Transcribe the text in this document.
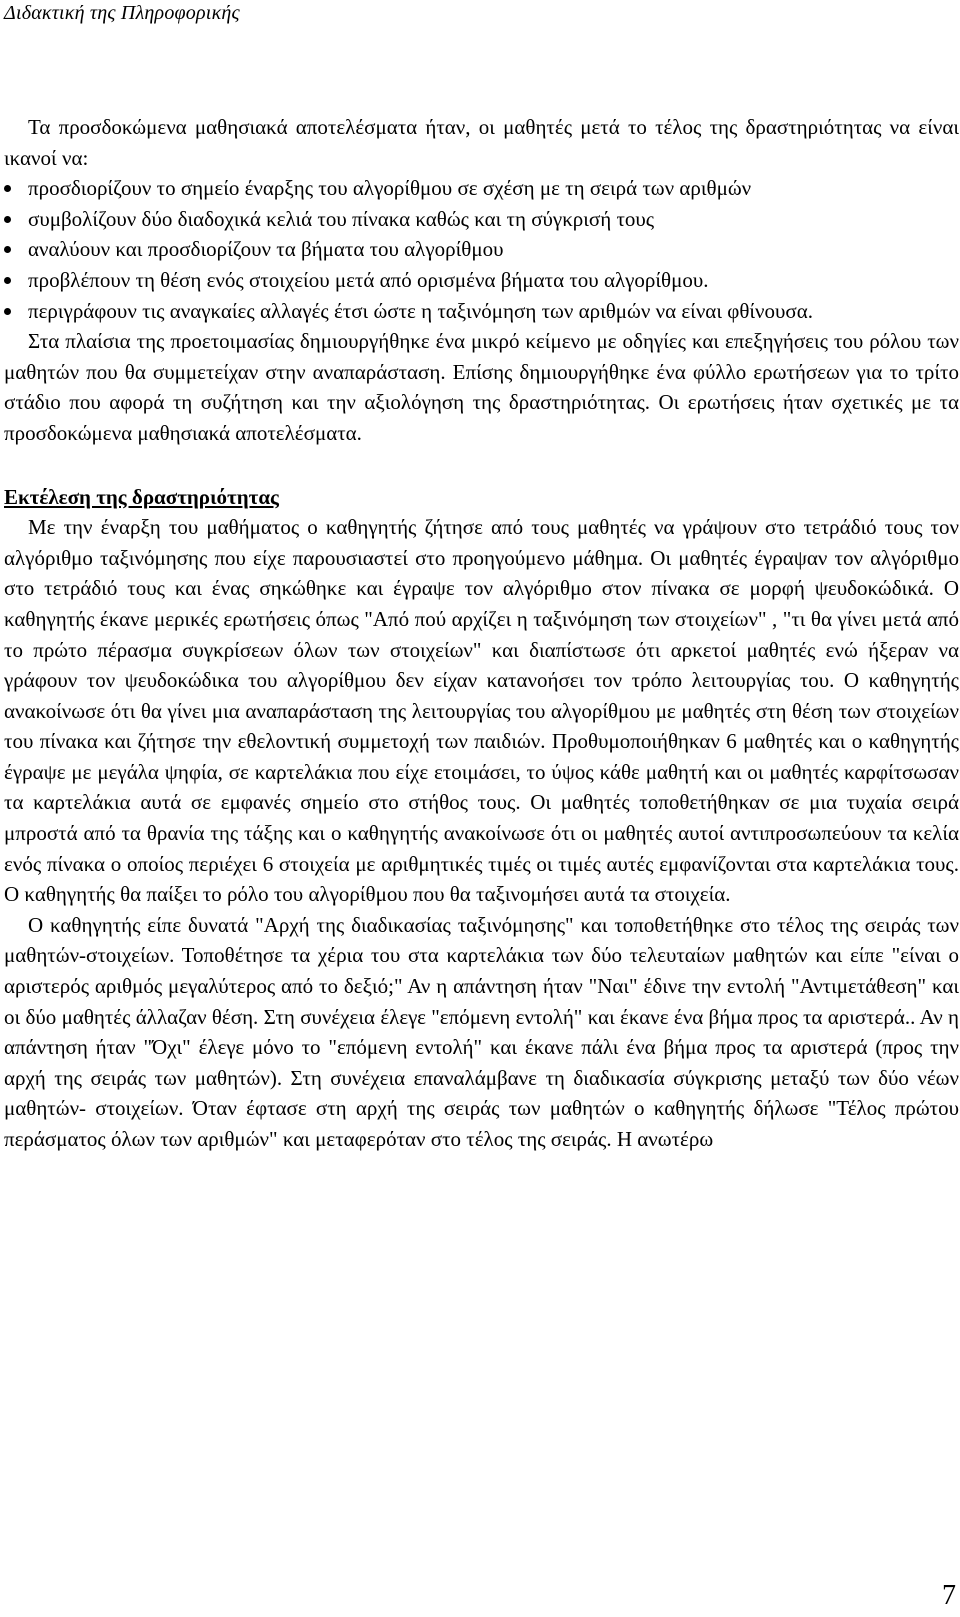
Διδακτική της Πληροφορικής

Τα προσδοκώμενα μαθησιακά αποτελέσματα ήταν, οι μαθητές μετά το τέλος της δραστηριότητας να είναι ικανοί να:

προσδιορίζουν το σημείο έναρξης του αλγορίθμου σε σχέση με τη σειρά των αριθμών
συμβολίζουν δύο διαδοχικά κελιά του πίνακα καθώς και τη σύγκρισή τους
αναλύουν και προσδιορίζουν τα βήματα του αλγορίθμου
προβλέπουν τη θέση ενός στοιχείου μετά από ορισμένα βήματα του αλγορίθμου.
περιγράφουν τις αναγκαίες αλλαγές έτσι ώστε η ταξινόμηση των αριθμών να είναι φθίνουσα.

Στα πλαίσια της προετοιμασίας δημιουργήθηκε ένα μικρό κείμενο με οδηγίες και επεξηγήσεις του ρόλου των μαθητών που θα συμμετείχαν στην αναπαράσταση. Επίσης δημιουργήθηκε ένα φύλλο ερωτήσεων για το τρίτο στάδιο που αφορά τη συζήτηση και την αξιολόγηση της δραστηριότητας. Οι ερωτήσεις ήταν σχετικές με τα προσδοκώμενα μαθησιακά αποτελέσματα.

Εκτέλεση της δραστηριότητας

Με την έναρξη του μαθήματος ο καθηγητής ζήτησε από τους μαθητές να γράψουν στο τετράδιό τους τον αλγόριθμο ταξινόμησης που είχε παρουσιαστεί στο προηγούμενο μάθημα. Οι μαθητές έγραψαν τον αλγόριθμο στο τετράδιό τους και ένας σηκώθηκε και έγραψε τον αλγόριθμο στον πίνακα σε μορφή ψευδοκώδικά. Ο καθηγητής έκανε μερικές ερωτήσεις όπως "Από πού αρχίζει η ταξινόμηση των στοιχείων" , "τι θα γίνει μετά από το πρώτο πέρασμα συγκρίσεων όλων των στοιχείων" και διαπίστωσε ότι αρκετοί μαθητές ενώ ήξεραν να γράφουν τον ψευδοκώδικα του αλγορίθμου δεν είχαν κατανοήσει τον τρόπο λειτουργίας του. Ο καθηγητής ανακοίνωσε ότι θα γίνει μια αναπαράσταση της λειτουργίας του αλγορίθμου με μαθητές στη θέση των στοιχείων του πίνακα και ζήτησε την εθελοντική συμμετοχή των παιδιών. Προθυμοποιήθηκαν 6 μαθητές και ο καθηγητής έγραψε με μεγάλα ψηφία, σε καρτελάκια που είχε ετοιμάσει, το ύψος κάθε μαθητή και οι μαθητές καρφίτσωσαν τα καρτελάκια αυτά σε εμφανές σημείο στο στήθος τους. Οι μαθητές τοποθετήθηκαν σε μια τυχαία σειρά μπροστά από τα θρανία της τάξης και ο καθηγητής ανακοίνωσε ότι οι μαθητές αυτοί αντιπροσωπεύουν τα κελία ενός πίνακα ο οποίος περιέχει 6 στοιχεία με αριθμητικές τιμές οι τιμές αυτές εμφανίζονται στα καρτελάκια τους. Ο καθηγητής θα παίξει το ρόλο του αλγορίθμου που θα ταξινομήσει αυτά τα στοιχεία.

Ο καθηγητής είπε δυνατά "Αρχή της διαδικασίας ταξινόμησης" και τοποθετήθηκε στο τέλος της σειράς των μαθητών-στοιχείων. Τοποθέτησε τα χέρια του στα καρτελάκια των δύο τελευταίων μαθητών και είπε "είναι ο αριστερός αριθμός μεγαλύτερος από το δεξιό;" Αν η απάντηση ήταν "Ναι" έδινε την εντολή "Αντιμετάθεση" και οι δύο μαθητές άλλαζαν θέση. Στη συνέχεια έλεγε "επόμενη εντολή" και έκανε ένα βήμα προς τα αριστερά.. Αν η απάντηση ήταν "Όχι" έλεγε μόνο το "επόμενη εντολή" και έκανε πάλι ένα βήμα προς τα αριστερά (προς την αρχή της σειράς των μαθητών). Στη συνέχεια επαναλάμβανε τη διαδικασία σύγκρισης μεταξύ των δύο νέων μαθητών- στοιχείων. Όταν έφτασε στη αρχή της σειράς των μαθητών ο καθηγητής δήλωσε "Τέλος πρώτου περάσματος όλων των αριθμών" και μεταφερόταν στο τέλος της σειράς. Η ανωτέρω

7
